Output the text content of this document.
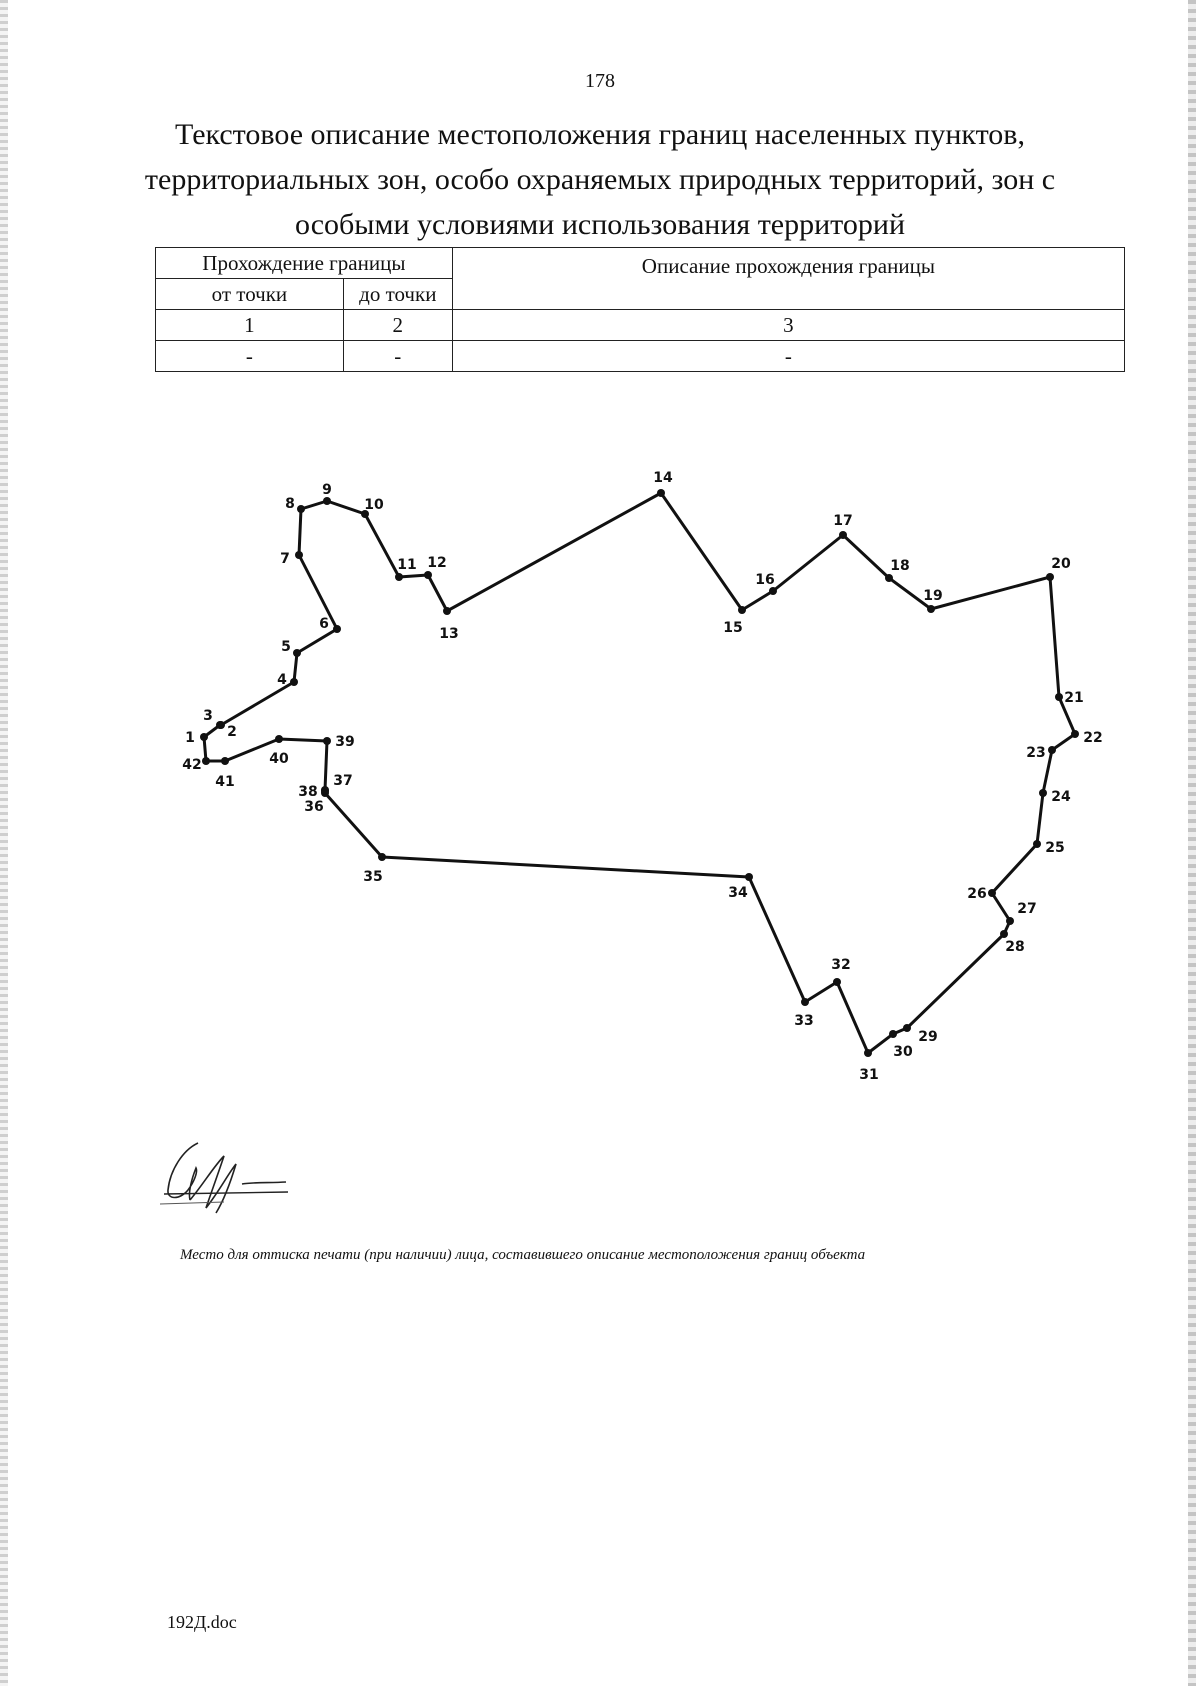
178
Текстовое описание местоположения границ населенных пунктов,
территориальных зон, особо охраняемых природных территорий, зон с
особыми условиями использования территорий
Прохождение границы		Описание прохождения границы
от точки	до точки	
1	2	3
-	-	-
1 2
3
4
5
6
7
8
9
10
11 12
13
14
15
16
17
18
19
20
21
22
23
24
25
26
27
28
29
30
31
32
33
34
35
36
37
38
39
40
41
42
Место для оттиска печати (при наличии) лица, составившего описание местоположения границ объекта
192Д.doc
